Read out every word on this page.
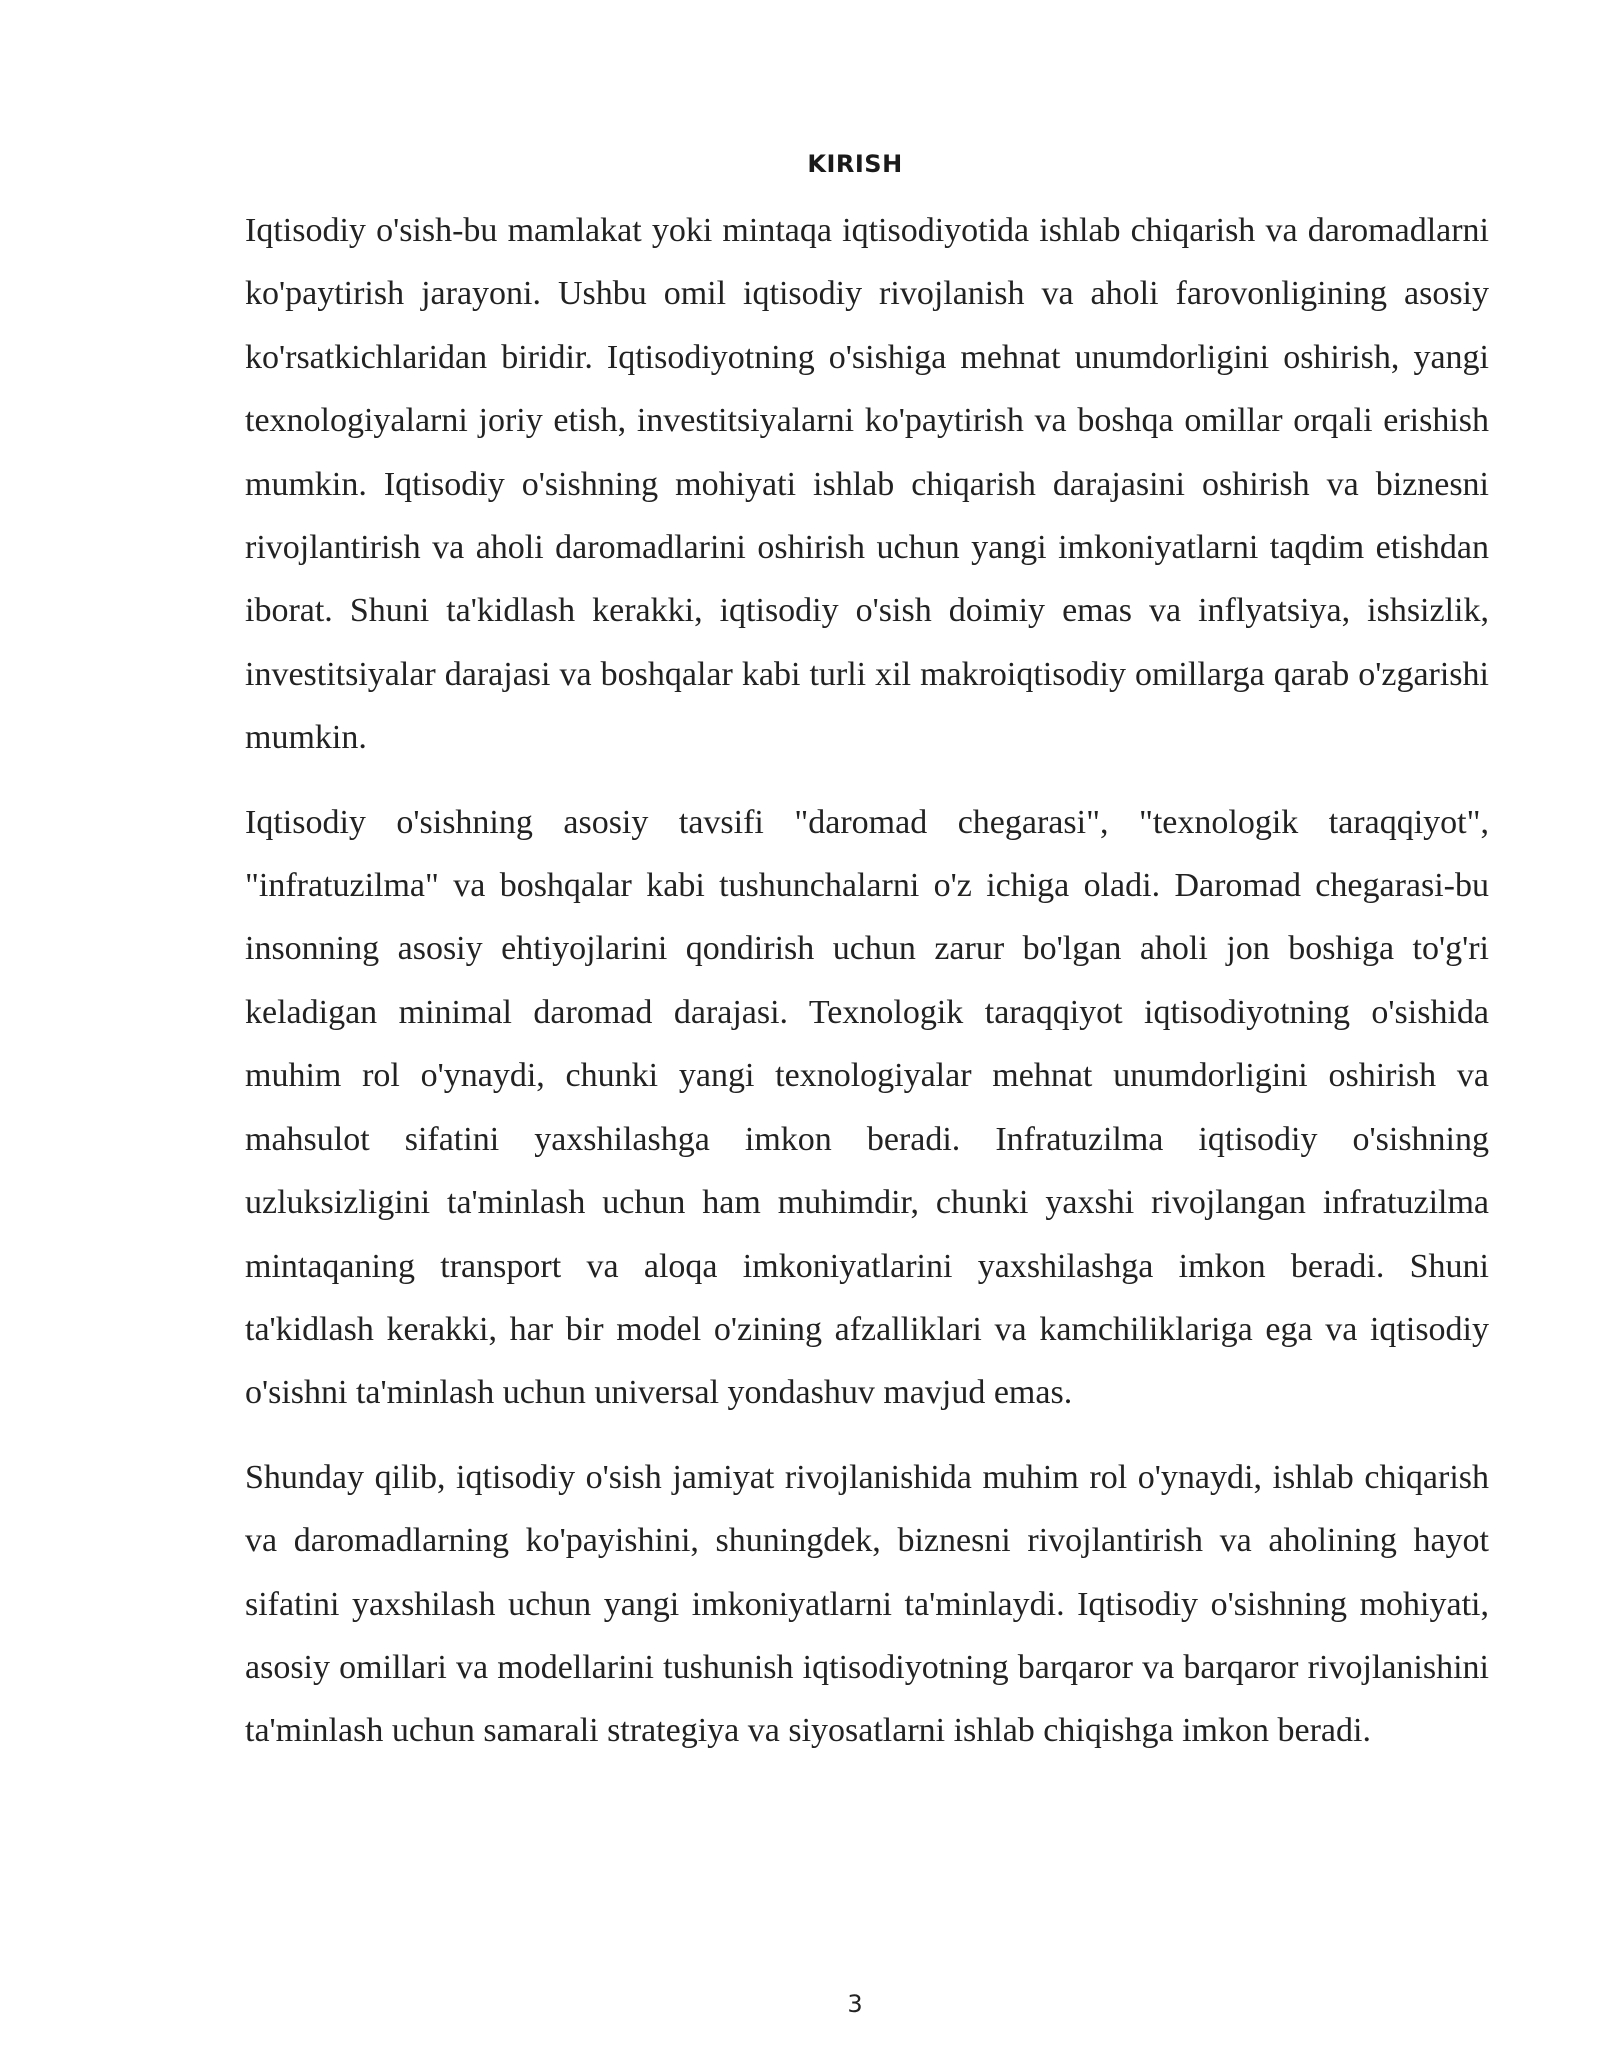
KIRISH

Iqtisodiy o'sish-bu mamlakat yoki mintaqa iqtisodiyotida ishlab chiqarish va daromadlarni ko'paytirish jarayoni. Ushbu omil iqtisodiy rivojlanish va aholi farovonligining asosiy ko'rsatkichlaridan biridir. Iqtisodiyotning o'sishiga mehnat unumdorligini oshirish, yangi texnologiyalarni joriy etish, investitsiyalarni ko'paytirish va boshqa omillar orqali erishish mumkin. Iqtisodiy o'sishning mohiyati ishlab chiqarish darajasini oshirish va biznesni rivojlantirish va aholi daromadlarini oshirish uchun yangi imkoniyatlarni taqdim etishdan iborat. Shuni ta'kidlash kerakki, iqtisodiy o'sish doimiy emas va inflyatsiya, ishsizlik, investitsiyalar darajasi va boshqalar kabi turli xil makroiqtisodiy omillarga qarab o'zgarishi mumkin.

Iqtisodiy o'sishning asosiy tavsifi "daromad chegarasi", "texnologik taraqqiyot", "infratuzilma" va boshqalar kabi tushunchalarni o'z ichiga oladi. Daromad chegarasi-bu insonning asosiy ehtiyojlarini qondirish uchun zarur bo'lgan aholi jon boshiga to'g'ri keladigan minimal daromad darajasi. Texnologik taraqqiyot iqtisodiyotning o'sishida muhim rol o'ynaydi, chunki yangi texnologiyalar mehnat unumdorligini oshirish va mahsulot sifatini yaxshilashga imkon beradi. Infratuzilma iqtisodiy o'sishning uzluksizligini ta'minlash uchun ham muhimdir, chunki yaxshi rivojlangan infratuzilma mintaqaning transport va aloqa imkoniyatlarini yaxshilashga imkon beradi. Shuni ta'kidlash kerakki, har bir model o'zining afzalliklari va kamchiliklariga ega va iqtisodiy o'sishni ta'minlash uchun universal yondashuv mavjud emas.

Shunday qilib, iqtisodiy o'sish jamiyat rivojlanishida muhim rol o'ynaydi, ishlab chiqarish va daromadlarning ko'payishini, shuningdek, biznesni rivojlantirish va aholining hayot sifatini yaxshilash uchun yangi imkoniyatlarni ta'minlaydi. Iqtisodiy o'sishning mohiyati, asosiy omillari va modellarini tushunish iqtisodiyotning barqaror va barqaror rivojlanishini ta'minlash uchun samarali strategiya va siyosatlarni ishlab chiqishga imkon beradi.

3
